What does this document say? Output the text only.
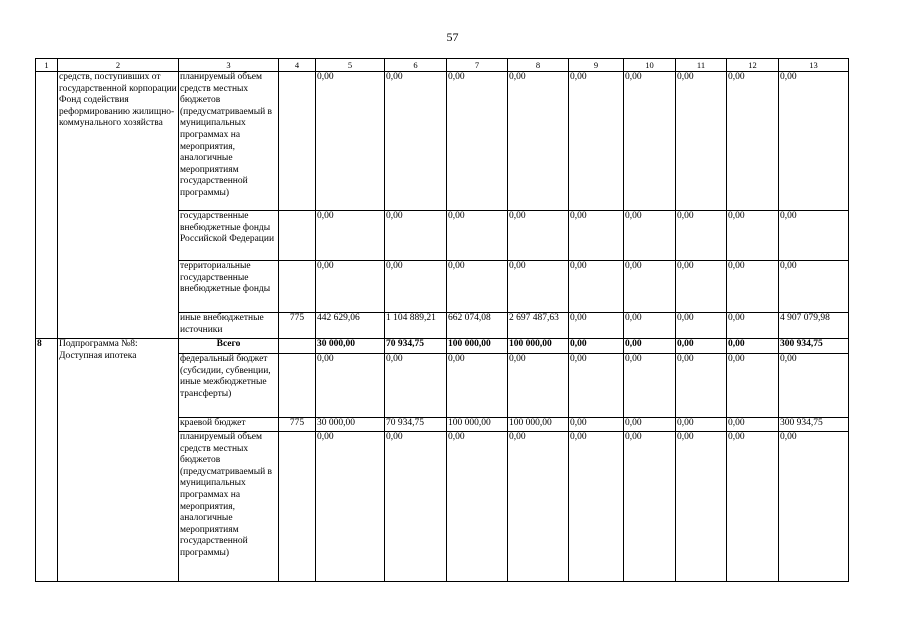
57
1	2	3	4	5	6	7	8	9	10	11	12	13
	средств, поступивших от государственной корпорации Фонд содействия реформированию жилищно-коммунального хозяйства	планируемый объем средств местных бюджетов (предусматриваемый в муниципальных программах на мероприятия, аналогичные мероприятиям государственной программы)		0,00	0,00	0,00	0,00	0,00	0,00	0,00	0,00	0,00
		государственные внебюджетные фонды Российской Федерации		0,00	0,00	0,00	0,00	0,00	0,00	0,00	0,00	0,00
		территориальные государственные внебюджетные фонды		0,00	0,00	0,00	0,00	0,00	0,00	0,00	0,00	0,00
		иные внебюджетные источники	775	442 629,06	1 104 889,21	662 074,08	2 697 487,63	0,00	0,00	0,00	0,00	4 907 079,98
8	Подпрограмма №8: Доступная ипотека	Всего		30 000,00	70 934,75	100 000,00	100 000,00	0,00	0,00	0,00	0,00	300 934,75
		федеральный бюджет (субсидии, субвенции, иные межбюджетные трансферты)		0,00	0,00	0,00	0,00	0,00	0,00	0,00	0,00	0,00
		краевой бюджет	775	30 000,00	70 934,75	100 000,00	100 000,00	0,00	0,00	0,00	0,00	300 934,75
		планируемый объем средств местных бюджетов (предусматриваемый в муниципальных программах на мероприятия, аналогичные мероприятиям государственной программы)		0,00	0,00	0,00	0,00	0,00	0,00	0,00	0,00	0,00
